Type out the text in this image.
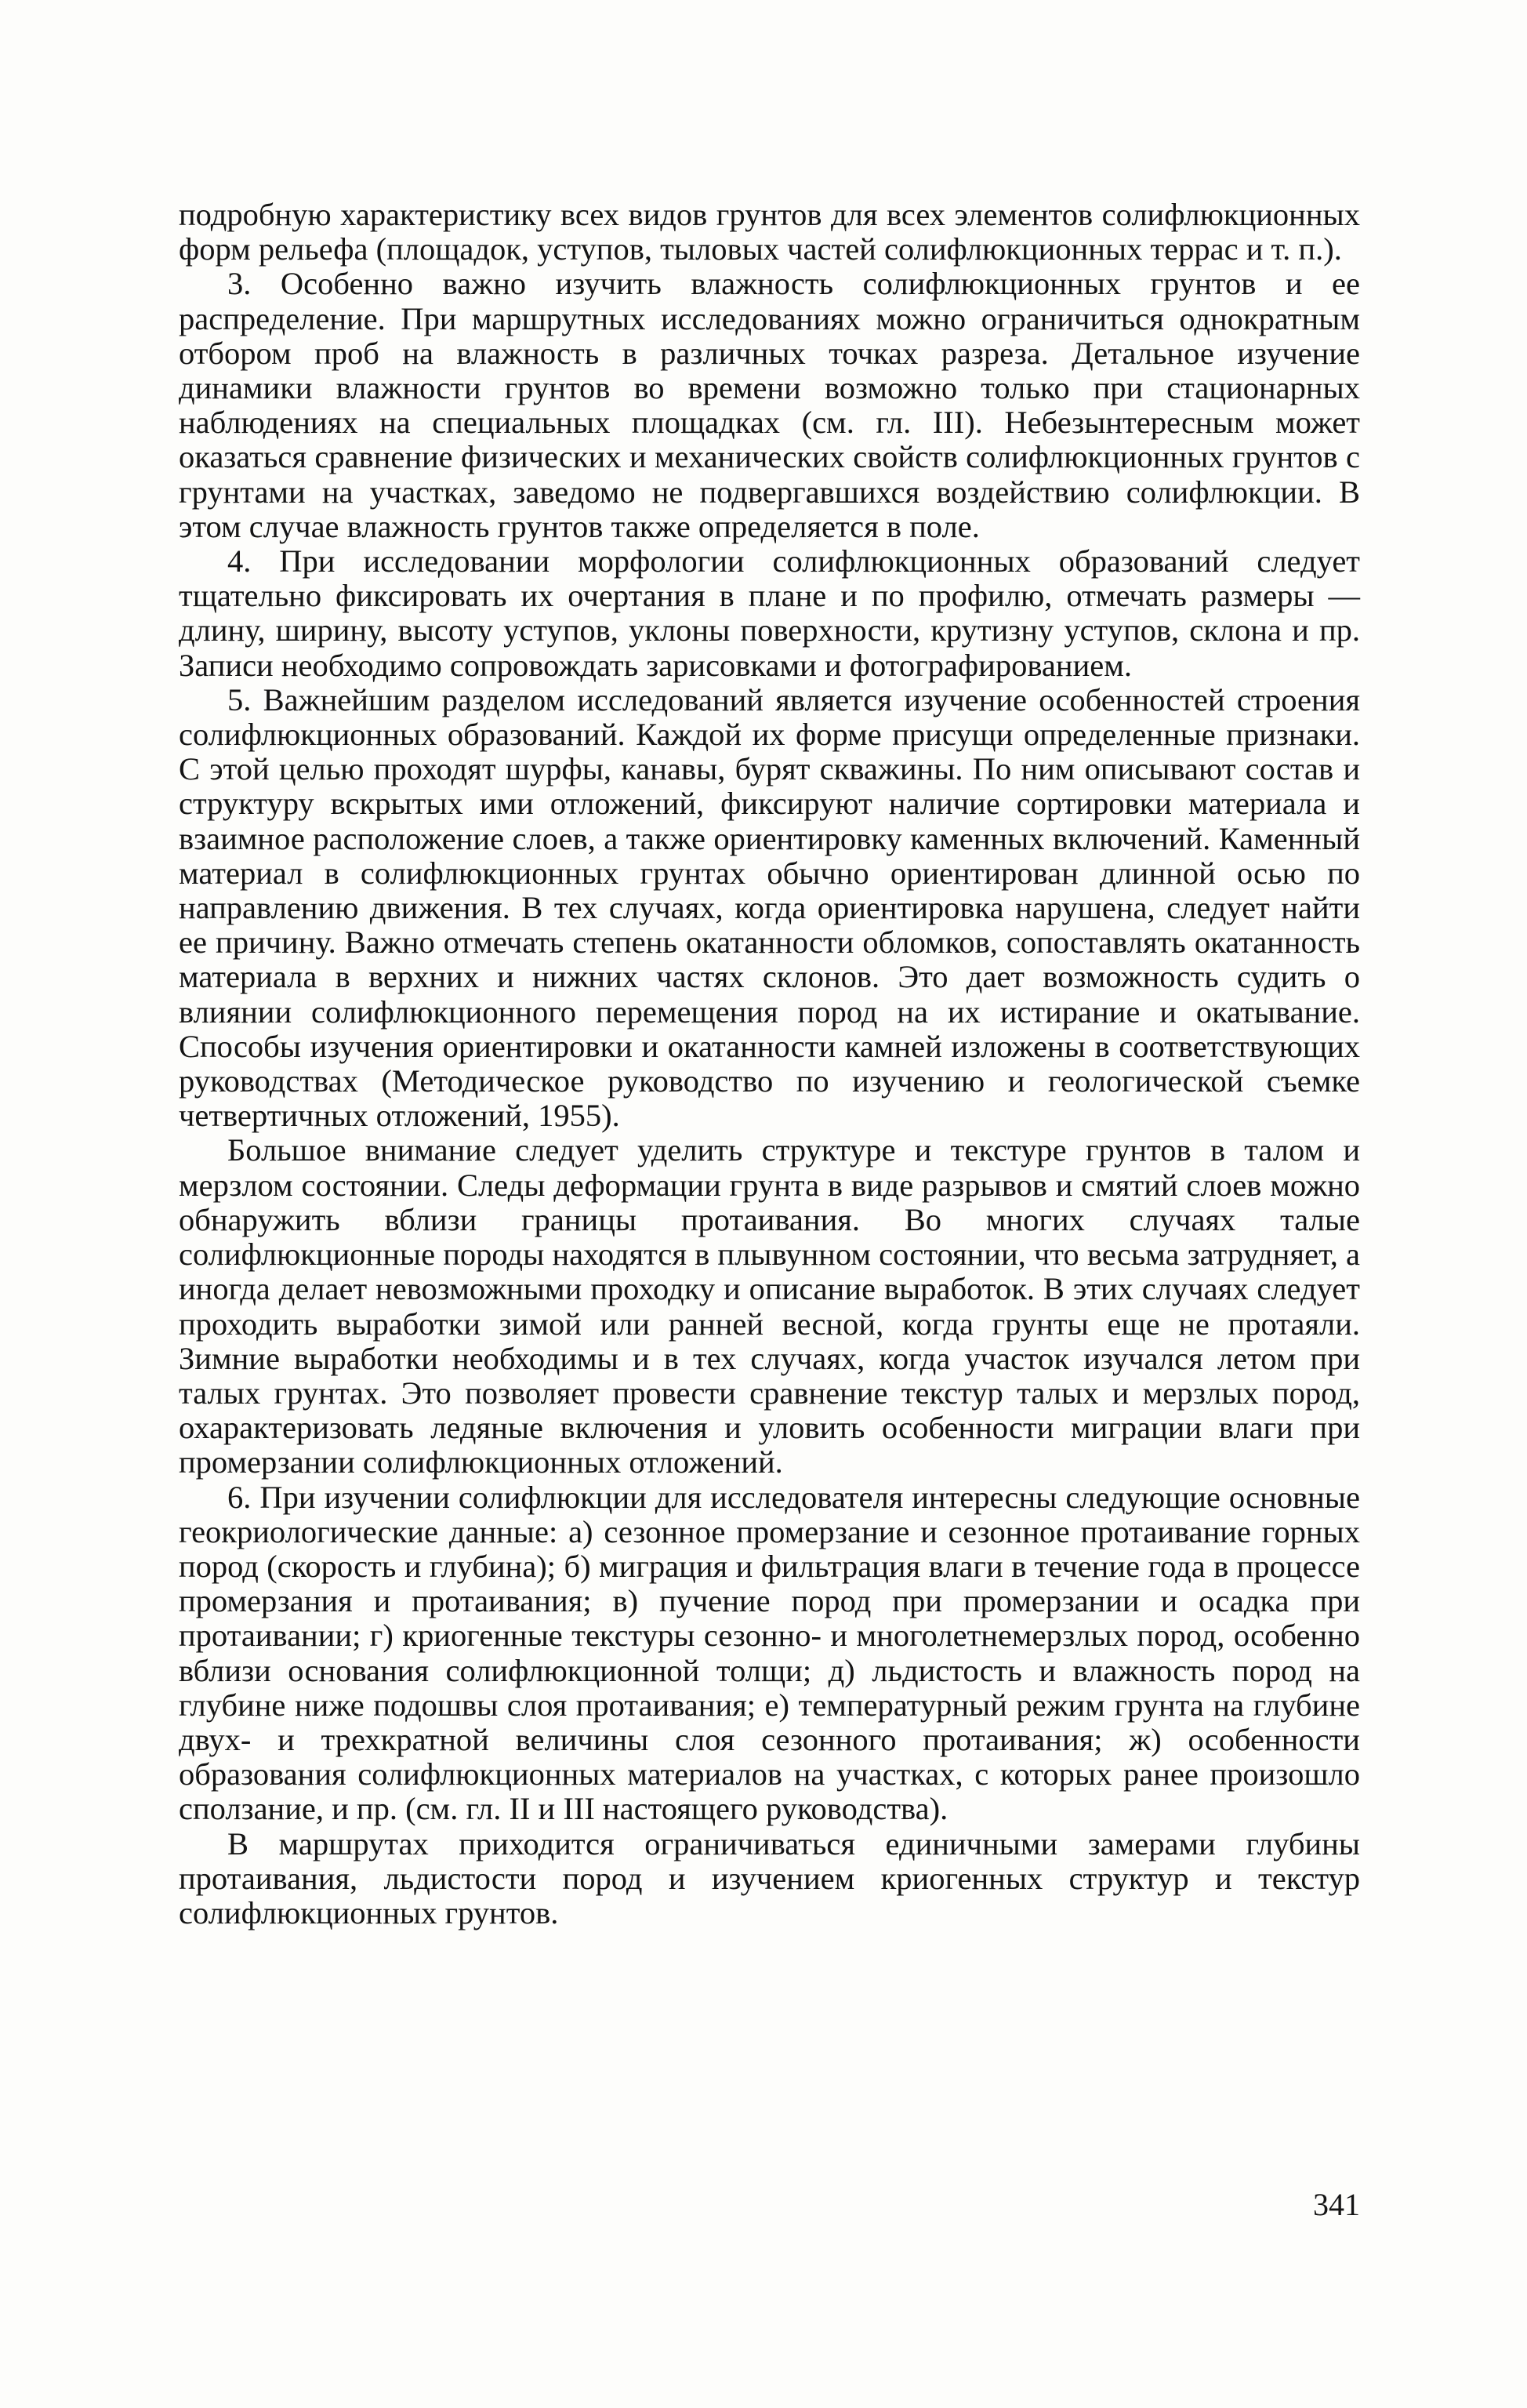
подробную характеристику всех видов грунтов для всех элементов солифлюкционных форм рельефа (площадок, уступов, тыловых частей солифлюкционных террас и т. п.).

3. Особенно важно изучить влажность солифлюкционных грунтов и ее распределение. При маршрутных исследованиях можно ограничиться однократным отбором проб на влажность в различных точках разреза. Детальное изучение динамики влажности грунтов во времени возможно только при стационарных наблюдениях на специальных площадках (см. гл. III). Небезынтересным может оказаться сравнение физических и механических свойств солифлюкционных грунтов с грунтами на участках, заведомо не подвергавшихся воздействию солифлюкции. В этом случае влажность грунтов также определяется в поле.

4. При исследовании морфологии солифлюкционных образований следует тщательно фиксировать их очертания в плане и по профилю, отмечать размеры — длину, ширину, высоту уступов, уклоны поверхности, крутизну уступов, склона и пр. Записи необходимо сопровождать зарисовками и фотографированием.

5. Важнейшим разделом исследований является изучение особенностей строения солифлюкционных образований. Каждой их форме присущи определенные признаки. С этой целью проходят шурфы, канавы, бурят скважины. По ним описывают состав и структуру вскрытых ими отложений, фиксируют наличие сортировки материала и взаимное расположение слоев, а также ориентировку каменных включений. Каменный материал в солифлюкционных грунтах обычно ориентирован длинной осью по направлению движения. В тех случаях, когда ориентировка нарушена, следует найти ее причину. Важно отмечать степень окатанности обломков, сопоставлять окатанность материала в верхних и нижних частях склонов. Это дает возможность судить о влиянии солифлюкционного перемещения пород на их истирание и окатывание. Способы изучения ориентировки и окатанности камней изложены в соответствующих руководствах (Методическое руководство по изучению и геологической съемке четвертичных отложений, 1955).

Большое внимание следует уделить структуре и текстуре грунтов в талом и мерзлом состоянии. Следы деформации грунта в виде разрывов и смятий слоев можно обнаружить вблизи границы протаивания. Во многих случаях талые солифлюкционные породы находятся в плывунном состоянии, что весьма затрудняет, а иногда делает невозможными проходку и описание выработок. В этих случаях следует проходить выработки зимой или ранней весной, когда грунты еще не протаяли. Зимние выработки необходимы и в тех случаях, когда участок изучался летом при талых грунтах. Это позволяет провести сравнение текстур талых и мерзлых пород, охарактеризовать ледяные включения и уловить особенности миграции влаги при промерзании солифлюкционных отложений.

6. При изучении солифлюкции для исследователя интересны следующие основные геокриологические данные: а) сезонное промерзание и сезонное протаивание горных пород (скорость и глубина); б) миграция и фильтрация влаги в течение года в процессе промерзания и протаивания; в) пучение пород при промерзании и осадка при протаивании; г) криогенные текстуры сезонно- и многолетнемерзлых пород, особенно вблизи основания солифлюкционной толщи; д) льдистость и влажность пород на глубине ниже подошвы слоя протаивания; е) температурный режим грунта на глубине двух- и трехкратной величины слоя сезонного протаивания; ж) особенности образования солифлюкционных материалов на участках, с которых ранее произошло сползание, и пр. (см. гл. II и III настоящего руководства).

В маршрутах приходится ограничиваться единичными замерами глубины протаивания, льдистости пород и изучением криогенных структур и текстур солифлюкционных грунтов.

341
